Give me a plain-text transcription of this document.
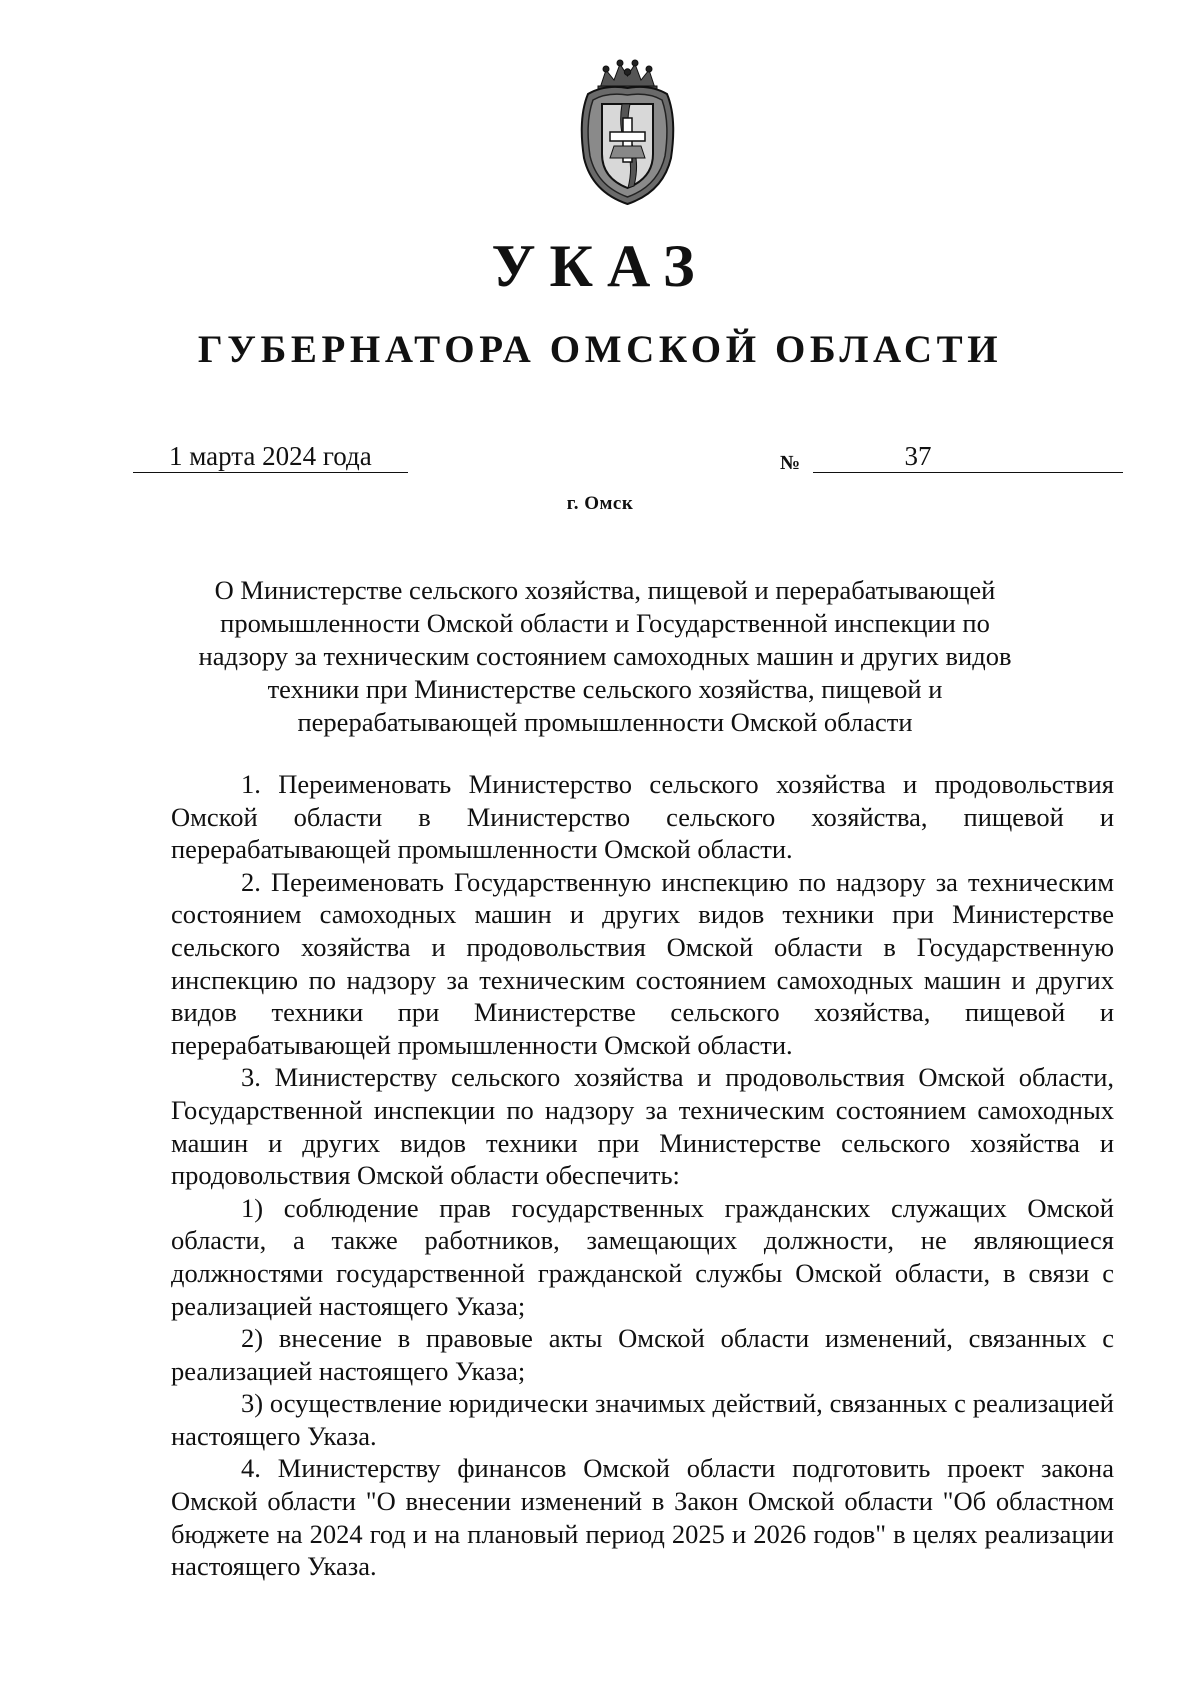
УКАЗ
ГУБЕРНАТОРА ОМСКОЙ ОБЛАСТИ
1 марта 2024 года	№	37
г. Омск
О Министерстве сельского хозяйства, пищевой и перерабатывающей промышленности Омской области и Государственной инспекции по надзору за техническим состоянием самоходных машин и других видов техники при Министерстве сельского хозяйства, пищевой и перерабатывающей промышленности Омской области

1. Переименовать Министерство сельского хозяйства и продовольствия Омской области в Министерство сельского хозяйства, пищевой и перерабатывающей промышленности Омской области.

2. Переименовать Государственную инспекцию по надзору за техническим состоянием самоходных машин и других видов техники при Министерстве сельского хозяйства и продовольствия Омской области в Государственную инспекцию по надзору за техническим состоянием самоходных машин и других видов техники при Министерстве сельского хозяйства, пищевой и перерабатывающей промышленности Омской области.

3. Министерству сельского хозяйства и продовольствия Омской области, Государственной инспекции по надзору за техническим состоянием самоходных машин и других видов техники при Министерстве сельского хозяйства и продовольствия Омской области обеспечить:

1) соблюдение прав государственных гражданских служащих Омской области, а также работников, замещающих должности, не являющиеся должностями государственной гражданской службы Омской области, в связи с реализацией настоящего Указа;

2) внесение в правовые акты Омской области изменений, связанных с реализацией настоящего Указа;

3) осуществление юридически значимых действий, связанных с реализацией настоящего Указа.

4. Министерству финансов Омской области подготовить проект закона Омской области "О внесении изменений в Закон Омской области "Об областном бюджете на 2024 год и на плановый период 2025 и 2026 годов" в целях реализации настоящего Указа.
